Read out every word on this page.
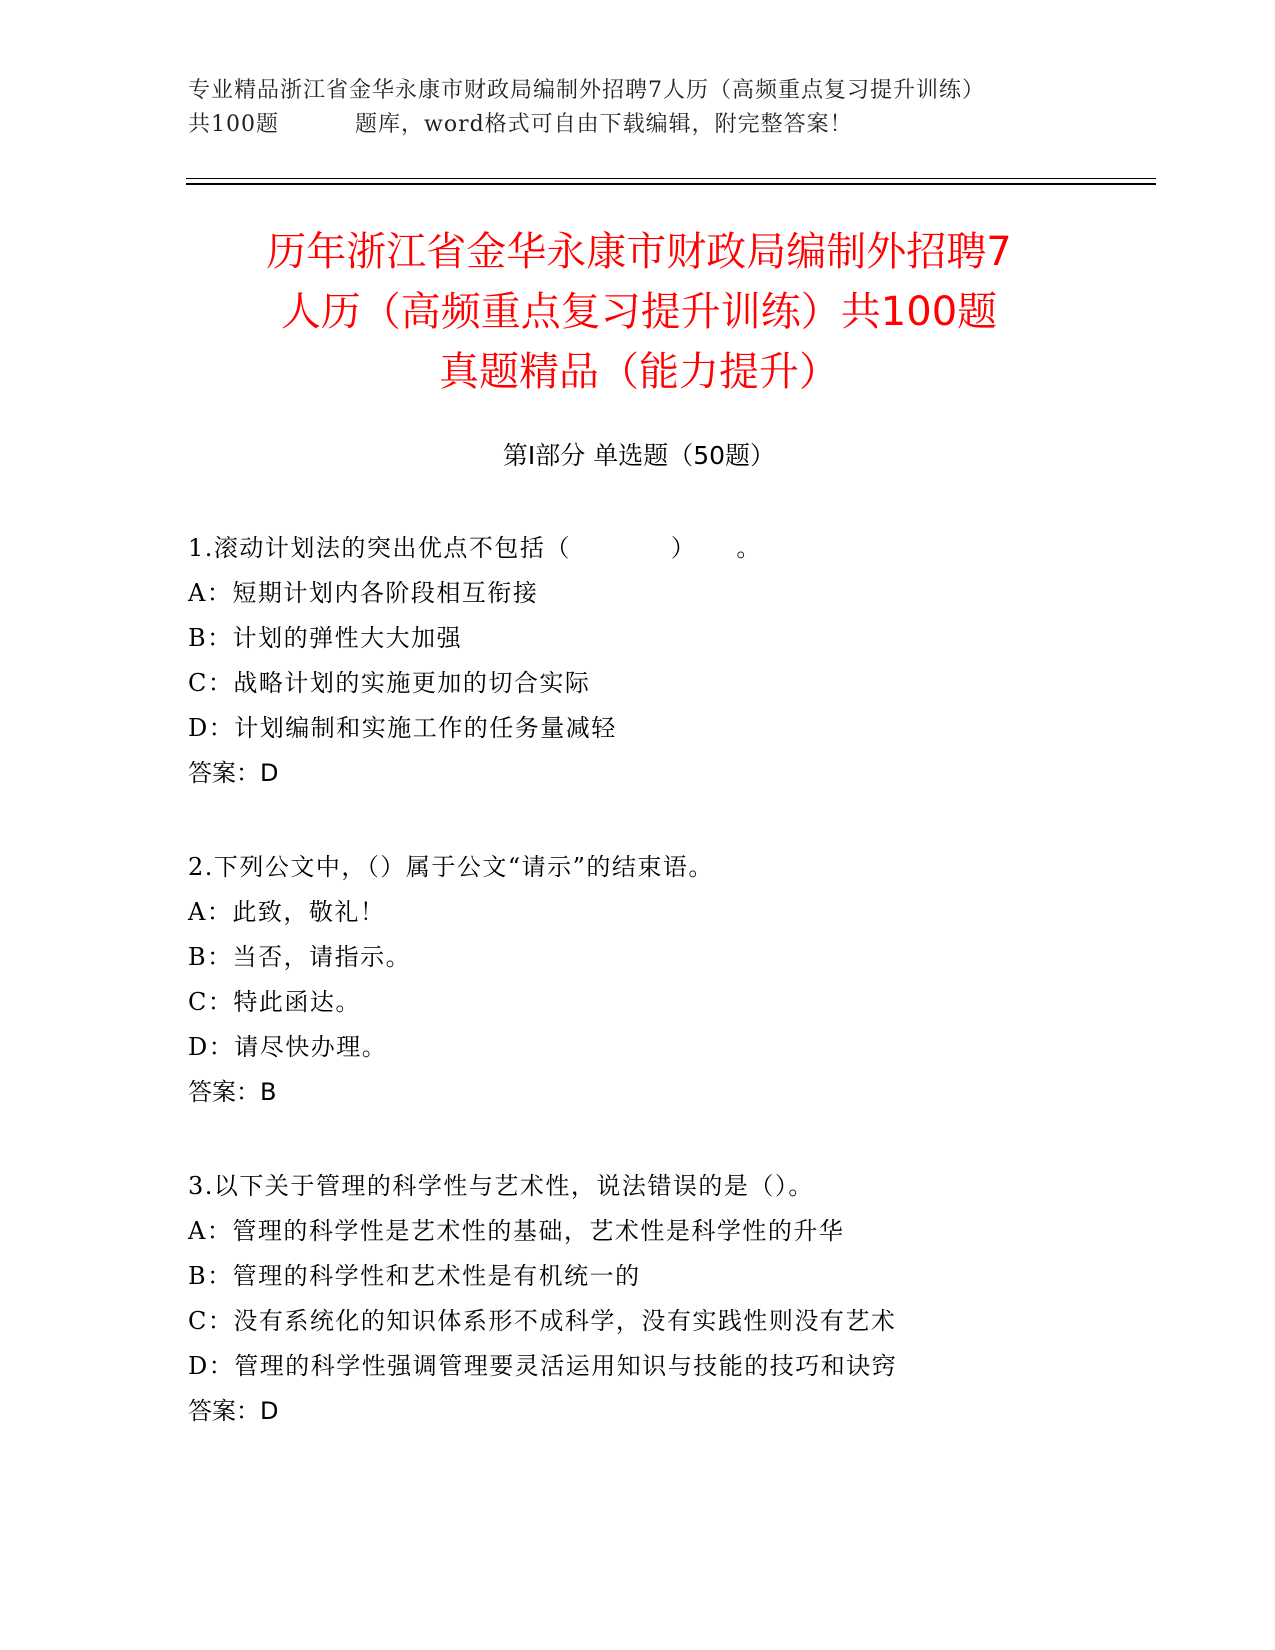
专业精品浙江省金华永康市财政局编制外招聘7人历（高频重点复习提升训练）
共100题	题库，word格式可自由下载编辑，附完整答案！
历年浙江省金华永康市财政局编制外招聘7
人历（高频重点复习提升训练）共100题
真题精品（能力提升）
第Ⅰ部分 单选题（50题）
1.滚动计划法的突出优点不包括（	） 。
A：短期计划内各阶段相互衔接
B：计划的弹性大大加强
C：战略计划的实施更加的切合实际
D：计划编制和实施工作的任务量减轻
答案：D
2.下列公文中，（）属于公文“请示”的结束语。
A：此致，敬礼！
B：当否，请指示。
C：特此函达。
D：请尽快办理。
答案：B
3.以下关于管理的科学性与艺术性，说法错误的是（）。
A：管理的科学性是艺术性的基础，艺术性是科学性的升华
B：管理的科学性和艺术性是有机统一的
C：没有系统化的知识体系形不成科学，没有实践性则没有艺术
D：管理的科学性强调管理要灵活运用知识与技能的技巧和诀窍
答案：D
